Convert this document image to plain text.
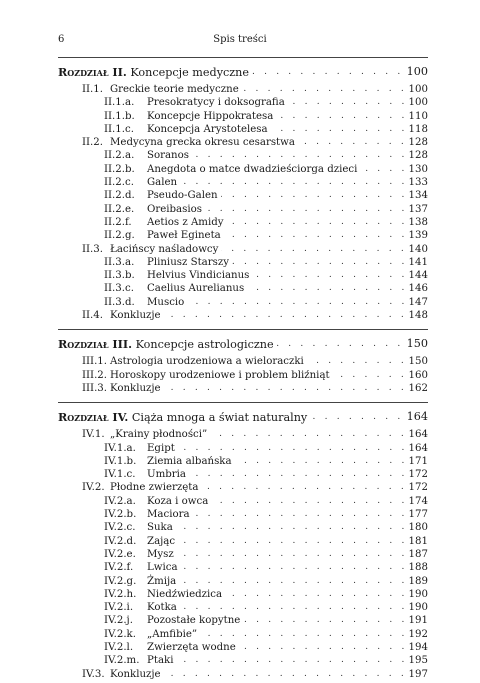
6	Spis treści
. . .
Rozdział II. Koncepcje medyczne	100
. . .
II.1. Greckie teorie medyczne	100
. . .
II.1.a. Presokratycy i doksografia	100
. . .
II.1.b. Koncepcje Hippokratesa	110
. . .
II.1.c. Koncepcja Arystotelesa	118
. . .
II.2. Medycyna grecka okresu cesarstwa	128
. . .
II.2.a. Soranos	128
. . .
II.2.b. Anegdota o matce dwadzieściorga dzieci	130
. . .
II.2.c. Galen	133
. . .
II.2.d. Pseudo-Galen	134
. . .
II.2.e. Oreibasios	137
. . .
II.2.f. Aetios z Amidy	138
. . .
II.2.g. Paweł Egineta	139
. . .
II.3. Łacińscy naśladowcy	140
. . .
II.3.a. Pliniusz Starszy	141
. . .
II.3.b. Helvius Vindicianus	144
. . .
II.3.c. Caelius Aurelianus	146
. . .
II.3.d. Muscio	147
. . .
II.4. Konkluzje	148
. . .
Rozdział III. Koncepcje astrologiczne	150
. . .
III.1. Astrologia urodzeniowa a wieloraczki	150
. . .
III.2. Horoskopy urodzeniowe i problem bliźniąt	160
. . .
III.3. Konkluzje	162
. . .
Rozdział IV. Ciąża mnoga a świat naturalny	164
. . .
IV.1. „Krainy płodności”	164
. . .
IV.1.a. Egipt	164
. . .
IV.1.b. Ziemia albańska	171
. . .
IV.1.c. Umbria	172
. . .
IV.2. Płodne zwierzęta	172
. . .
IV.2.a. Koza i owca	174
. . .
IV.2.b. Maciora	177
. . .
IV.2.c. Suka	180
. . .
IV.2.d. Zając	181
. . .
IV.2.e. Mysz	187
. . .
IV.2.f. Lwica	188
. . .
IV.2.g. Żmija	189
. . .
IV.2.h. Niedźwiedzica	190
. . .
IV.2.i. Kotka	190
. . .
IV.2.j. Pozostałe kopytne	191
. . .
IV.2.k. „Amfibie”	192
. . .
IV.2.l. Zwierzęta wodne	194
. . .
IV.2.m. Ptaki	195
. . .
IV.3. Konkluzje	197
